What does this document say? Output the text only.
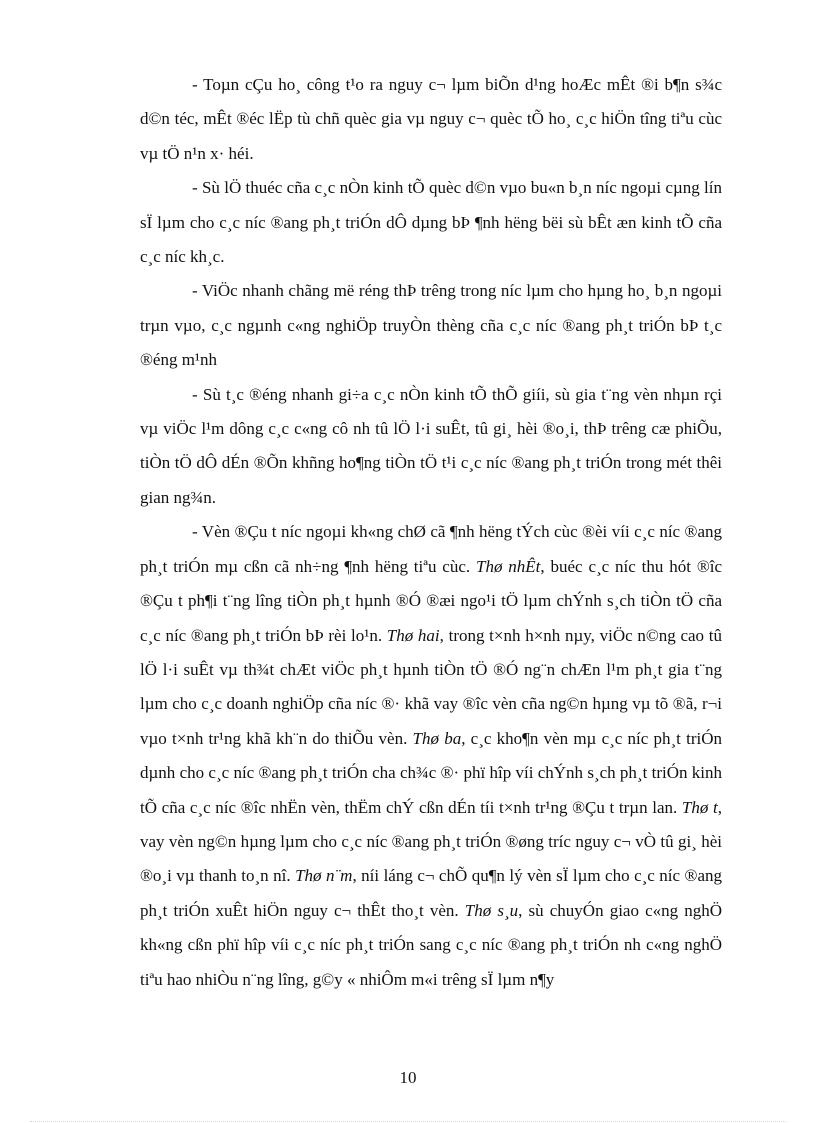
- Toµn cÇu ho¸ công t¹o ra nguy c¬ lµm biÕn d¹ng hoÆc mÊt ®i b¶n s¾c d©n téc, mÊt ®éc lËp tù chñ quèc gia vµ nguy c¬ quèc tÕ ho¸ c¸c hiÖn tîng tiªu cùc vµ tÖ n¹n x· héi.

- Sù lÖ thuéc cña c¸c nÒn kinh tÕ quèc d©n vµo bu«n b¸n níc ngoµi cµng lín sÏ lµm cho c¸c níc ®ang ph¸t triÓn dÔ dµng bÞ ¶nh hëng bëi sù bÊt æn kinh tÕ cña c¸c níc kh¸c.

- ViÖc nhanh chãng më réng thÞ trêng trong níc lµm cho hµng ho¸ b¸n ngoµi trµn vµo, c¸c ngµnh c«ng nghiÖp truyÒn thèng cña c¸c níc ®ang ph¸t triÓn bÞ t¸c ®éng m¹nh

- Sù t¸c ®éng nhanh gi÷a c¸c nÒn kinh tÕ thÕ giíi, sù gia t¨ng vèn nhµn rçi vµ viÖc l¹m dông c¸c c«ng cô nh tû lÖ l·i suÊt, tû gi¸ hèi ®o¸i, thÞ trêng cæ phiÕu, tiÒn tÖ dÔ dÉn ®Õn khñng ho¶ng tiÒn tÖ t¹i c¸c níc ®ang ph¸t triÓn trong mét thêi gian ng¾n.

- Vèn ®Çu t níc ngoµi kh«ng chØ cã ¶nh hëng tÝch cùc ®èi víi c¸c níc ®ang ph¸t triÓn mµ cßn cã nh÷ng ¶nh hëng tiªu cùc. Thø nhÊt, buéc c¸c níc thu hót ®îc ®Çu t ph¶i t¨ng lîng tiÒn ph¸t hµnh ®Ó ®æi ngo¹i tÖ lµm chÝnh s¸ch tiÒn tÖ cña c¸c níc ®ang ph¸t triÓn bÞ rèi lo¹n. Thø hai, trong t×nh h×nh nµy, viÖc n©ng cao tû lÖ l·i suÊt vµ th¾t chÆt viÖc ph¸t hµnh tiÒn tÖ ®Ó ng¨n chÆn l¹m ph¸t gia t¨ng lµm cho c¸c doanh nghiÖp cña níc ®· khã vay ®îc vèn cña ng©n hµng vµ tõ ®ã, r¬i vµo t×nh tr¹ng khã kh¨n do thiÕu vèn. Thø ba, c¸c kho¶n vèn mµ c¸c níc ph¸t triÓn dµnh cho c¸c níc ®ang ph¸t triÓn cha ch¾c ®· phï hîp víi chÝnh s¸ch ph¸t triÓn kinh tÕ cña c¸c níc ®îc nhËn vèn, thËm chÝ cßn dÉn tíi t×nh tr¹ng ®Çu t trµn lan. Thø t, vay vèn ng©n hµng lµm cho c¸c níc ®ang ph¸t triÓn ®øng tríc nguy c¬ vÒ tû gi¸ hèi ®o¸i vµ thanh to¸n nî. Thø n¨m, níi láng c¬ chÕ qu¶n lý vèn sÏ lµm cho c¸c níc ®ang ph¸t triÓn xuÊt hiÖn nguy c¬ thÊt tho¸t vèn. Thø s¸u, sù chuyÓn giao c«ng nghÖ kh«ng cßn phï hîp víi c¸c níc ph¸t triÓn sang c¸c níc ®ang ph¸t triÓn nh c«ng nghÖ tiªu hao nhiÒu n¨ng lîng, g©y « nhiÔm m«i trêng sÏ lµm n¶y

10
